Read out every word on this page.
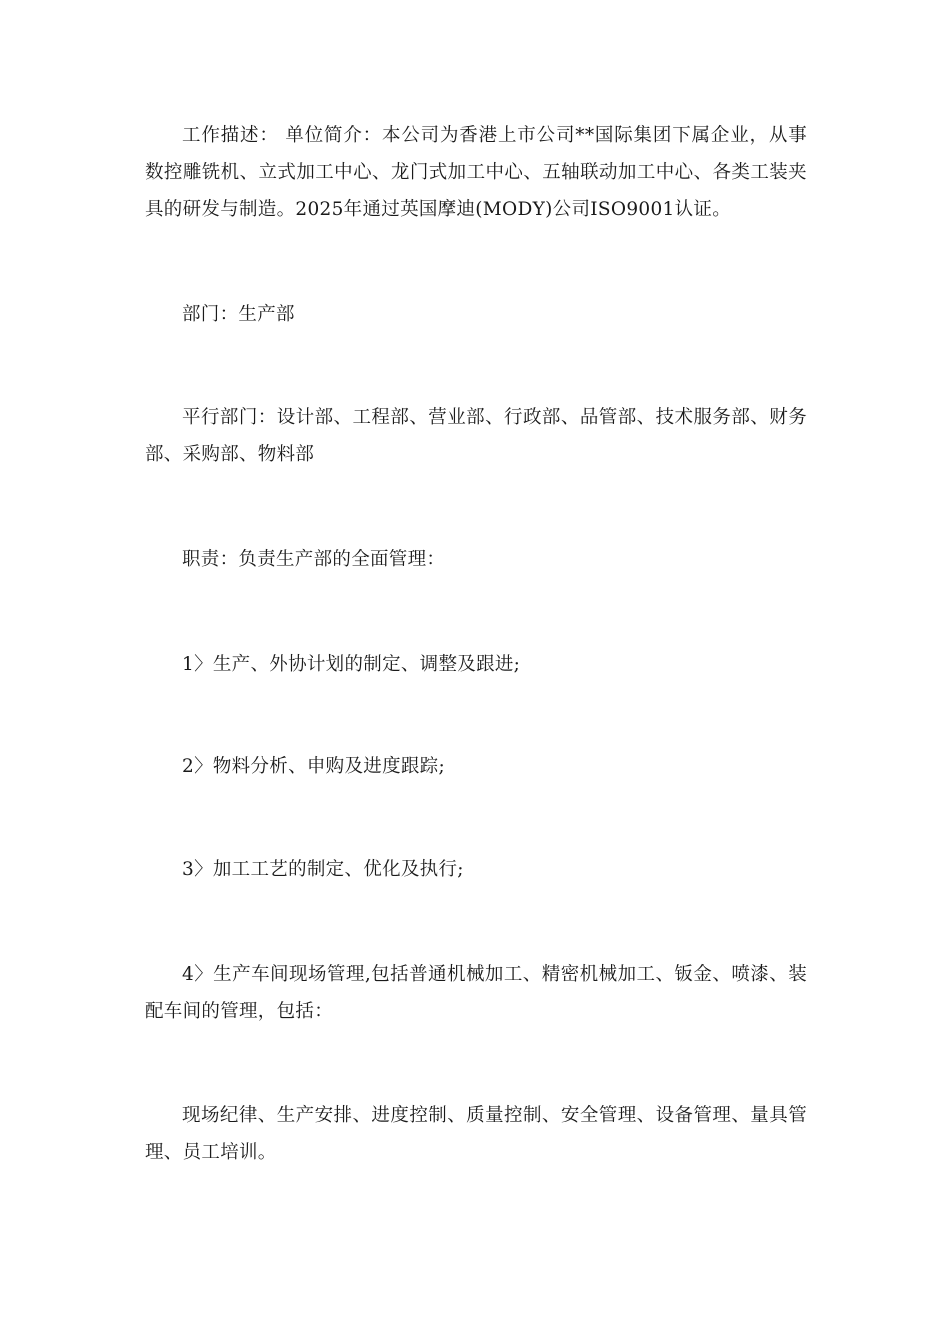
工作描述： 单位简介：本公司为香港上市公司**国际集团下属企业，从事数控雕铣机、立式加工中心、龙门式加工中心、五轴联动加工中心、各类工装夹具的研发与制造。2025年通过英国摩迪(MODY)公司ISO9001认证。

部门：生产部

平行部门：设计部、工程部、营业部、行政部、品管部、技术服务部、财务部、采购部、物料部

职责：负责生产部的全面管理：

1〉生产、外协计划的制定、调整及跟进;

2〉物料分析、申购及进度跟踪;

3〉加工工艺的制定、优化及执行;

4〉生产车间现场管理,包括普通机械加工、精密机械加工、钣金、喷漆、装配车间的管理，包括：

现场纪律、生产安排、进度控制、质量控制、安全管理、设备管理、量具管理、员工培训。
